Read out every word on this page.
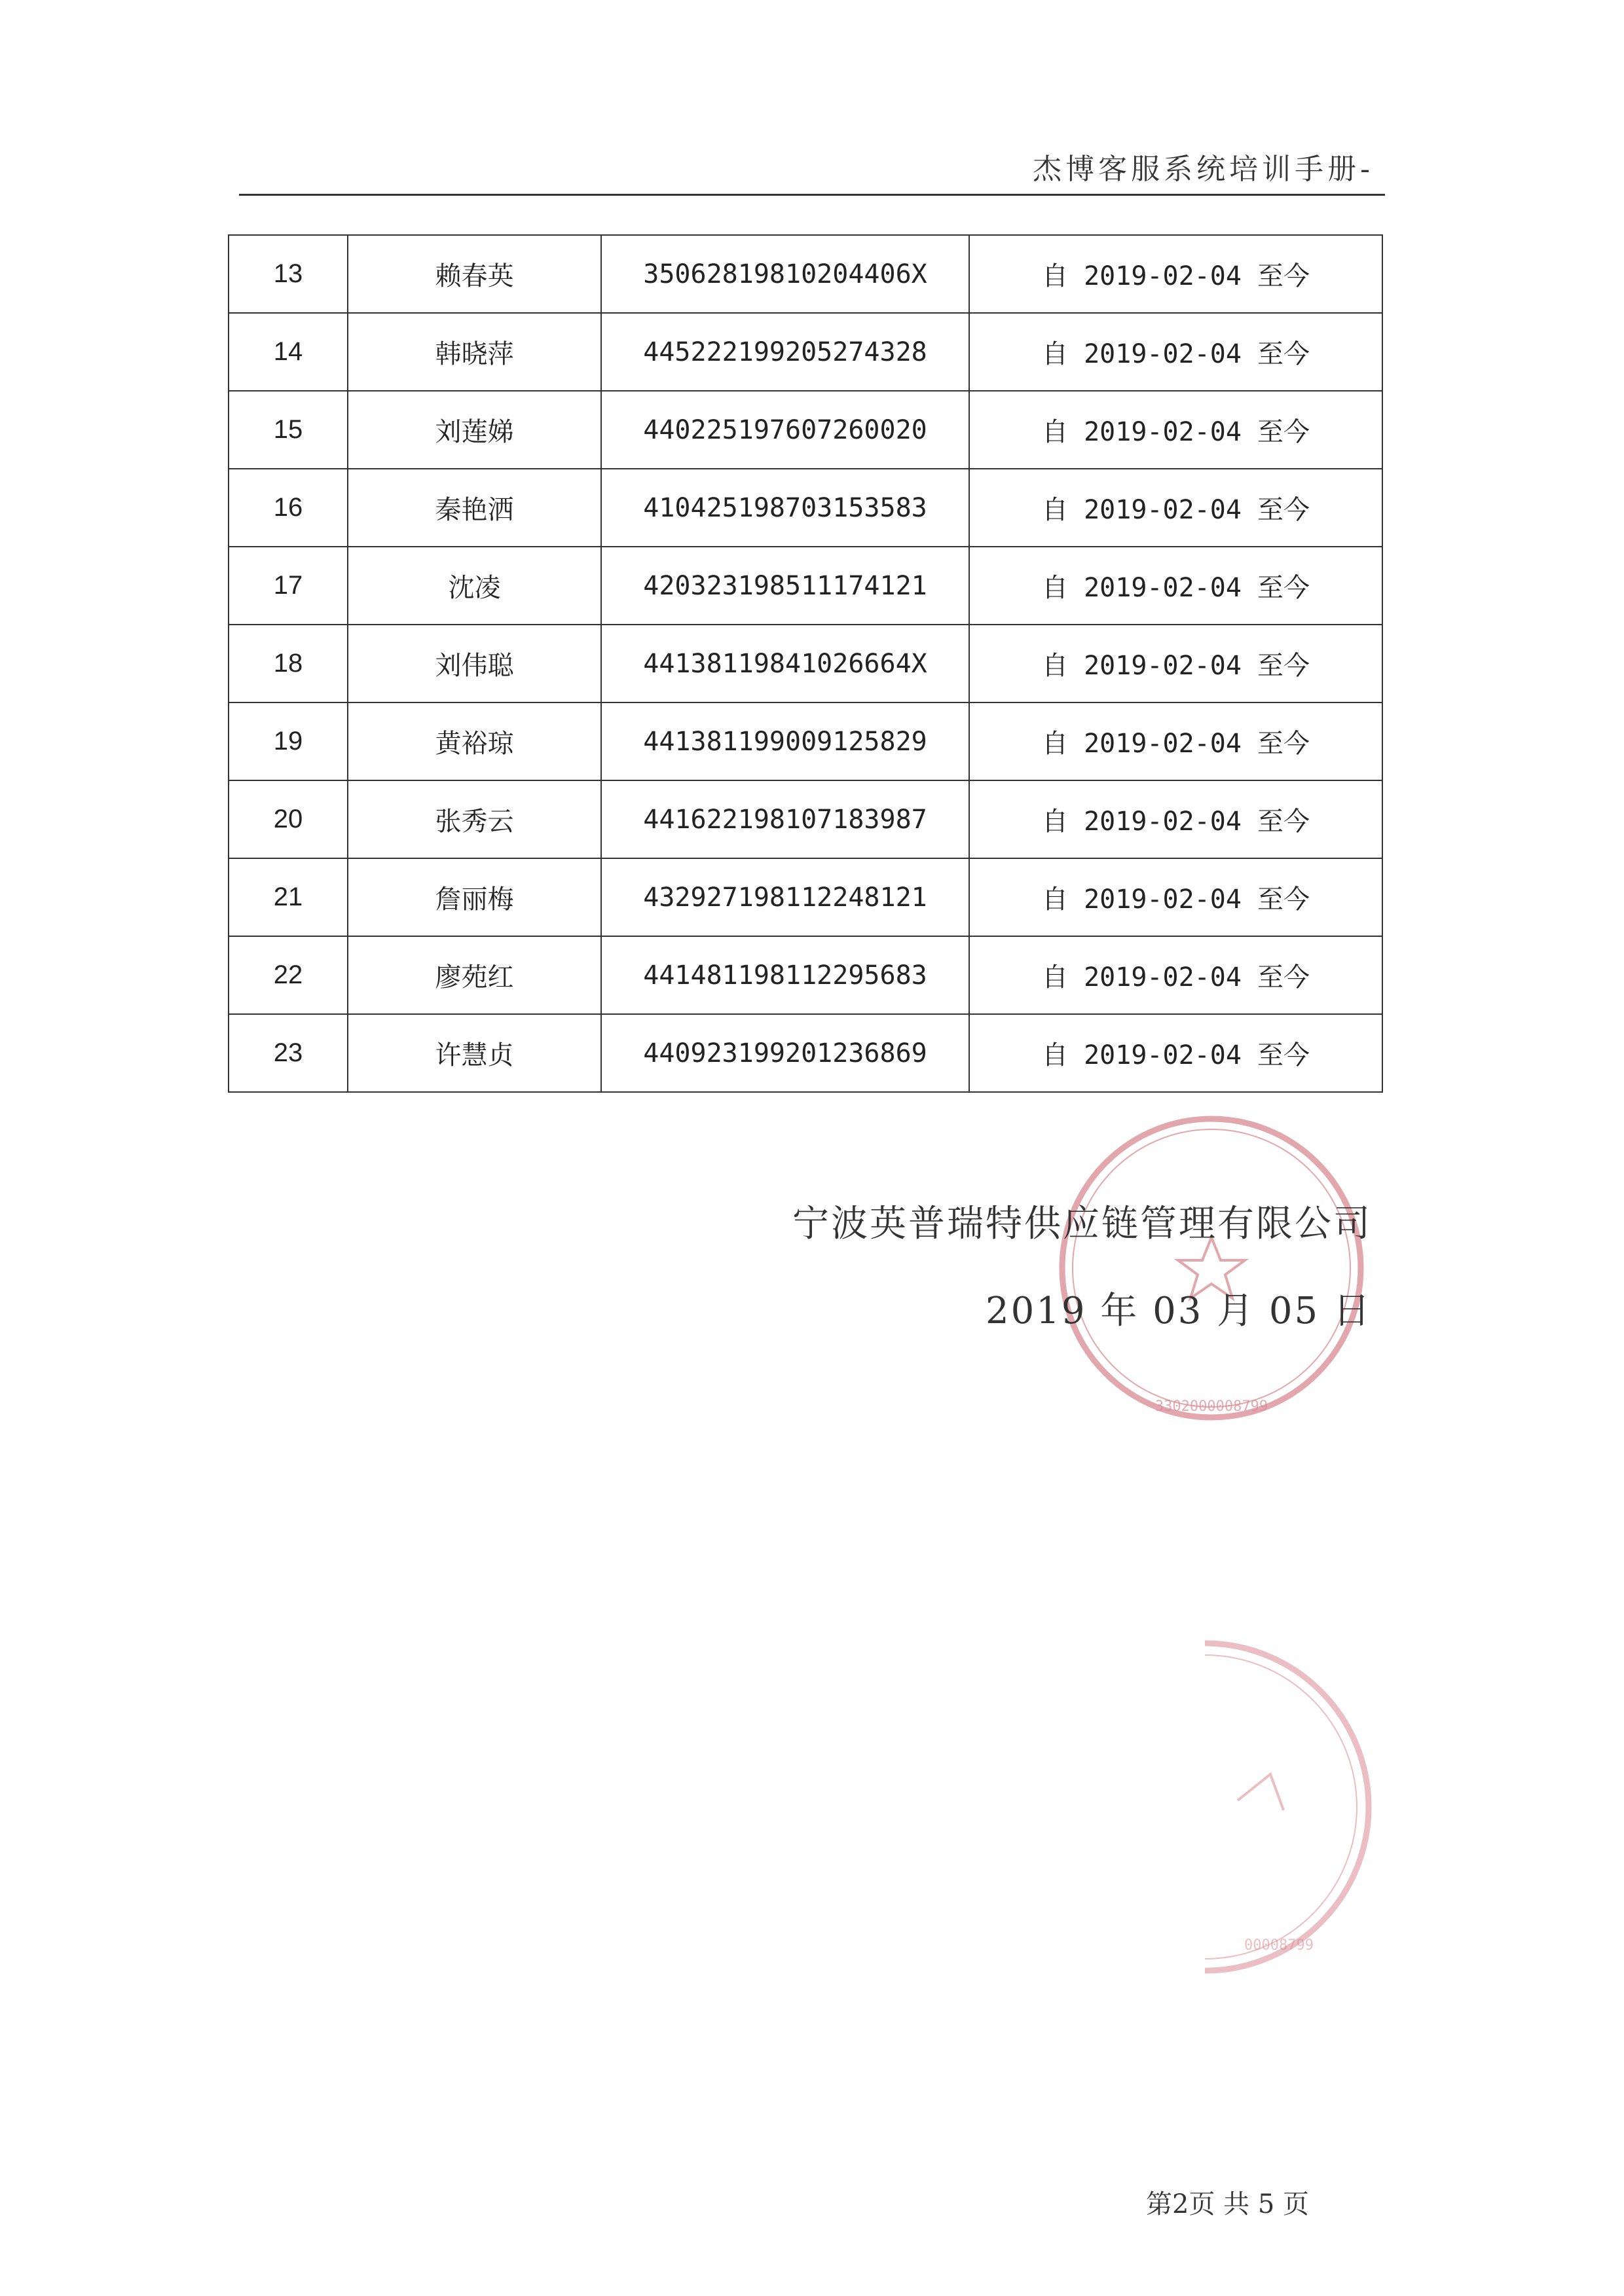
杰博客服系统培训手册-
13	赖春英	35062819810204406X	自 2019-02-04 至今
14	韩晓萍	445222199205274328	自 2019-02-04 至今
15	刘莲娣	440225197607260020	自 2019-02-04 至今
16	秦艳洒	410425198703153583	自 2019-02-04 至今
17	沈凌	420323198511174121	自 2019-02-04 至今
18	刘伟聪	44138119841026664X	自 2019-02-04 至今
19	黄裕琼	441381199009125829	自 2019-02-04 至今
20	张秀云	441622198107183987	自 2019-02-04 至今
21	詹丽梅	432927198112248121	自 2019-02-04 至今
22	廖苑红	441481198112295683	自 2019-02-04 至今
23	许慧贞	440923199201236869	自 2019-02-04 至今
3302000008799
宁波英普瑞特供应链管理有限公司
2019 年 03 月 05 日
00008799
第2页 共 5 页
